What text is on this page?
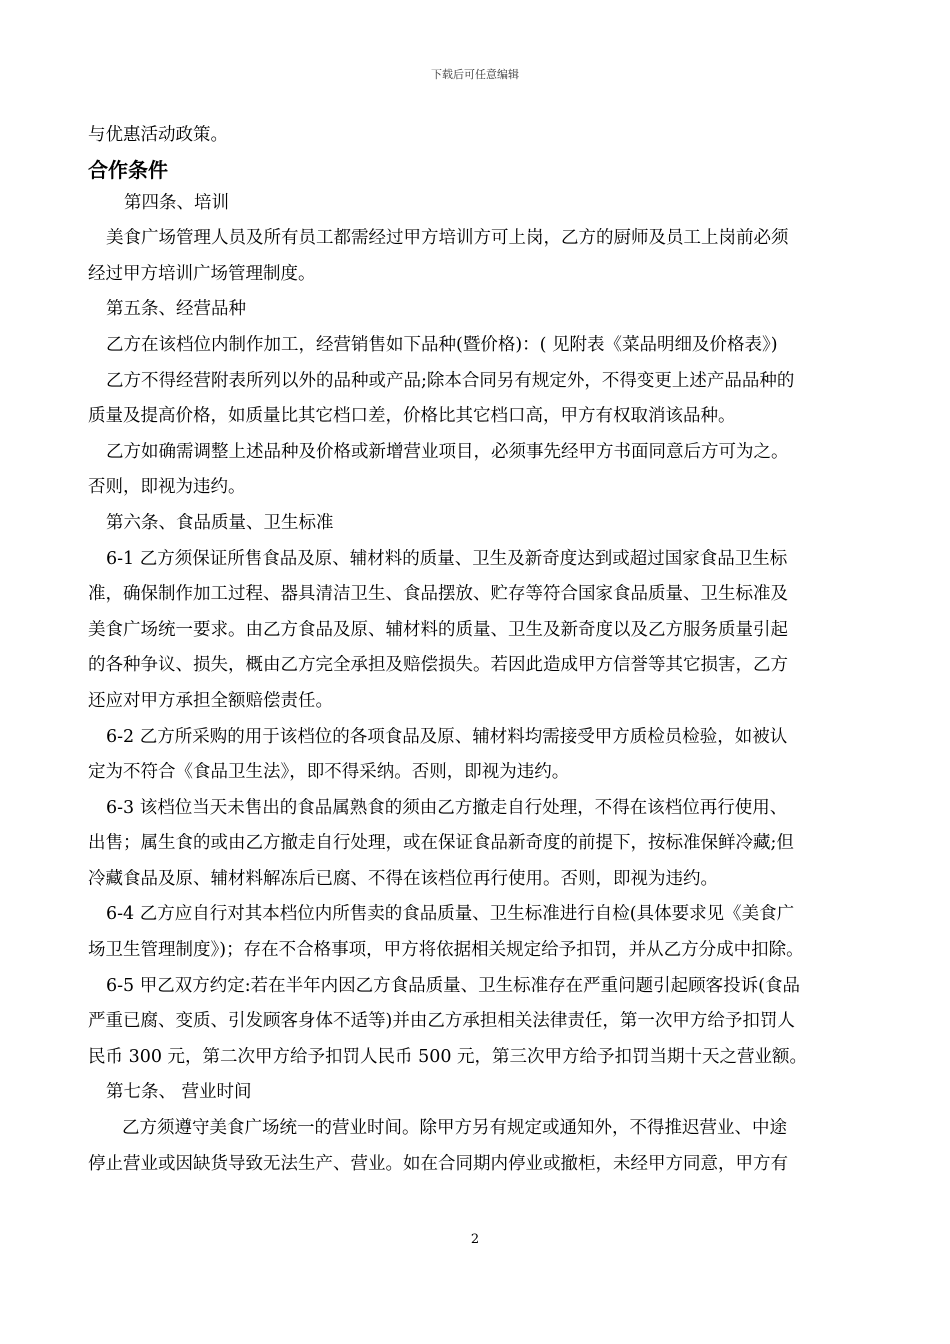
下载后可任意编辑
与优惠活动政策。
合作条件
第四条、培训
美食广场管理人员及所有员工都需经过甲方培训方可上岗，乙方的厨师及员工上岗前必须
经过甲方培训广场管理制度。
第五条、经营品种
乙方在该档位内制作加工，经营销售如下品种(暨价格)：( 见附表《菜品明细及价格表》)
乙方不得经营附表所列以外的品种或产品;除本合同另有规定外，不得变更上述产品品种的
质量及提高价格，如质量比其它档口差，价格比其它档口高，甲方有权取消该品种。
乙方如确需调整上述品种及价格或新增营业项目，必须事先经甲方书面同意后方可为之。
否则，即视为违约。
第六条、食品质量、卫生标准
6-1 乙方须保证所售食品及原、辅材料的质量、卫生及新奇度达到或超过国家食品卫生标
准，确保制作加工过程、器具清洁卫生、食品摆放、贮存等符合国家食品质量、卫生标准及
美食广场统一要求。由乙方食品及原、辅材料的质量、卫生及新奇度以及乙方服务质量引起
的各种争议、损失，概由乙方完全承担及赔偿损失。若因此造成甲方信誉等其它损害，乙方
还应对甲方承担全额赔偿责任。
6-2 乙方所采购的用于该档位的各项食品及原、辅材料均需接受甲方质检员检验，如被认
定为不符合《食品卫生法》，即不得采纳。否则，即视为违约。
6-3 该档位当天未售出的食品属熟食的须由乙方撤走自行处理，不得在该档位再行使用、
出售；属生食的或由乙方撤走自行处理，或在保证食品新奇度的前提下，按标准保鲜冷藏;但
冷藏食品及原、辅材料解冻后已腐、不得在该档位再行使用。否则，即视为违约。
6-4 乙方应自行对其本档位内所售卖的食品质量、卫生标准进行自检(具体要求见《美食广
场卫生管理制度》)；存在不合格事项，甲方将依据相关规定给予扣罚，并从乙方分成中扣除。
6-5 甲乙双方约定:若在半年内因乙方食品质量、卫生标准存在严重问题引起顾客投诉(食品
严重已腐、变质、引发顾客身体不适等)并由乙方承担相关法律责任，第一次甲方给予扣罚人
民币 300 元，第二次甲方给予扣罚人民币 500 元，第三次甲方给予扣罚当期十天之营业额。
第七条、 营业时间
乙方须遵守美食广场统一的营业时间。除甲方另有规定或通知外，不得推迟营业、中途
停止营业或因缺货导致无法生产、营业。如在合同期内停业或撤柜，未经甲方同意，甲方有
2
